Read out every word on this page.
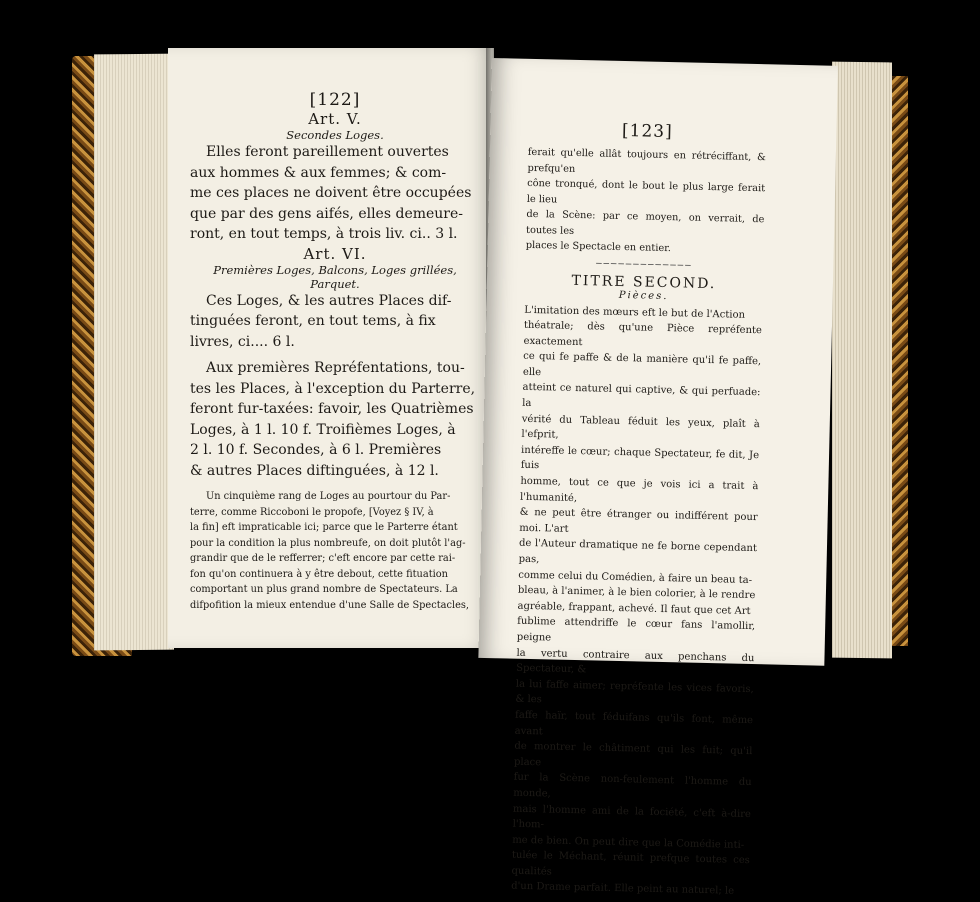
[122]
Art. V.
Secondes Loges.

Elles feront pareillement ouvertes

aux hommes & aux femmes; & com-

me ces places ne doivent être occupées

que par des gens aifés, elles demeure-

ront, en tout temps, à trois liv. ci.. 3 l.

Art. VI.
Premières Loges, Balcons, Loges grillées, Parquet.

Ces Loges, & les autres Places dif-

tinguées feront, en tout tems, à fix

livres, ci.... 6 l.

Aux premières Repréfentations, tou-

tes les Places, à l'exception du Parterre,

feront fur-taxées: favoir, les Quatrièmes

Loges, à 1 l. 10 f. Troifièmes Loges, à

2 l. 10 f. Secondes, à 6 l. Premières

& autres Places diftinguées, à 12 l.

Un cinquième rang de Loges au pourtour du Par-

terre, comme Riccoboni le propofe, [Voyez § IV, à

la fin] eft impraticable ici; parce que le Parterre étant

pour la condition la plus nombreufe, on doit plutôt l'ag-

grandir que de le refferrer; c'eft encore par cette rai-

fon qu'on continuera à y être debout, cette fituation

comportant un plus grand nombre de Spectateurs. La

difpofition la mieux entendue d'une Salle de Spectacles,

[123]

ferait qu'elle allât toujours en rétréciffant, & prefqu'en

cône tronqué, dont le bout le plus large ferait le lieu

de la Scène: par ce moyen, on verrait, de toutes les

places le Spectacle en entier.

─────────────
TITRE SECOND.
Pièces.

L'imitation des mœurs eft le but de l'Action

théatrale; dès qu'une Pièce repréfente exactement

ce qui fe paffe & de la manière qu'il fe paffe, elle

atteint ce naturel qui captive, & qui perfuade: la

vérité du Tableau féduit les yeux, plaît à l'efprit,

intéreffe le cœur; chaque Spectateur, fe dit, Je fuis

homme, tout ce que je vois ici a trait à l'humanité,

& ne peut être étranger ou indifférent pour moi. L'art

de l'Auteur dramatique ne fe borne cependant pas,

comme celui du Comédien, à faire un beau ta-

bleau, à l'animer, à le bien colorier, à le rendre

agréable, frappant, achevé. Il faut que cet Art

fublime attendriffe le cœur fans l'amollir, peigne

la vertu contraire aux penchans du Spectateur, &

la lui faffe aimer; repréfente les vices favoris, & les

faffe haïr, tout féduifans qu'ils font, même avant

de montrer le châtiment qui les fuit; qu'il place

fur la Scène non-feulement l'homme du monde,

mais l'homme ami de la fociété, c'eft à-dire l'hom-

me de bien. On peut dire que la Comédie inti-

tulée le Méchant, réunit prefque toutes ces qualités

d'un Drame parfait. Elle peint au naturel; le
